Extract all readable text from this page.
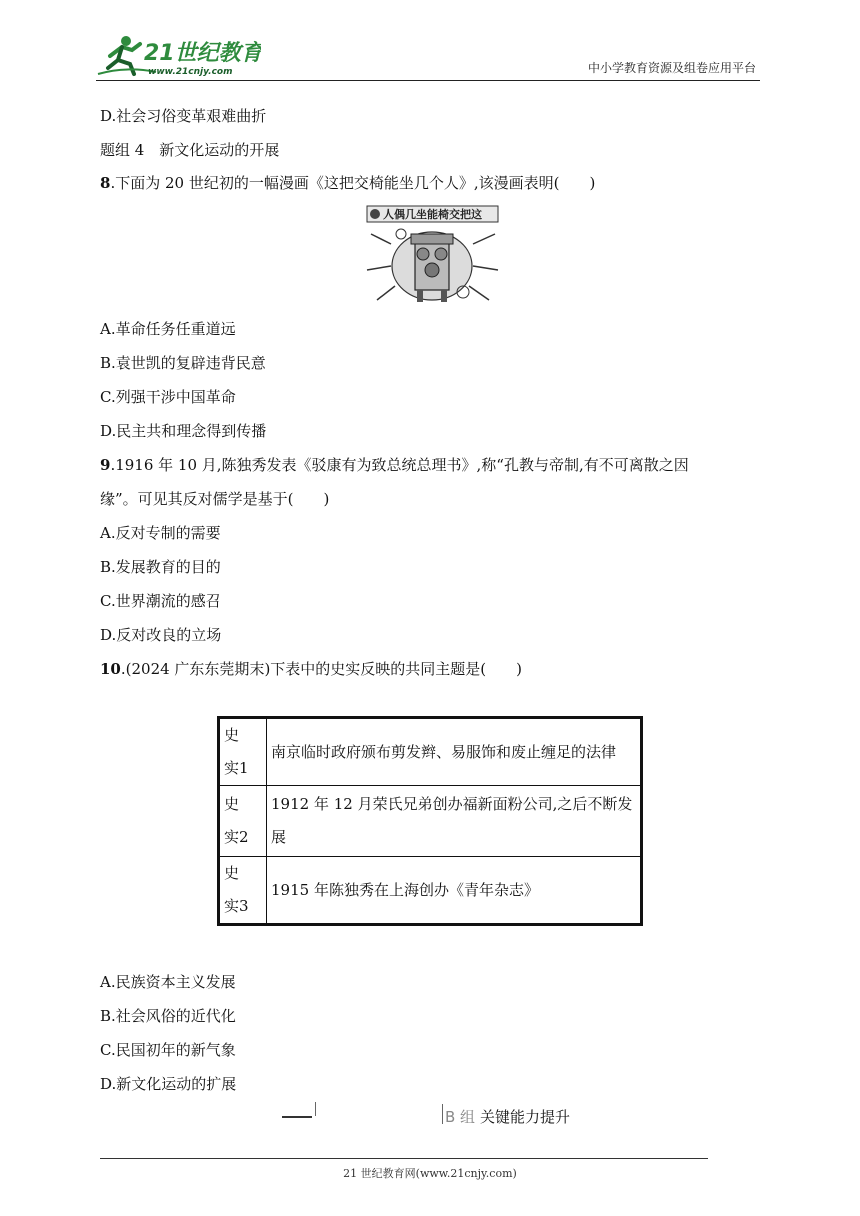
21世纪教育
www.21cnjy.com	中小学教育资源及组卷应用平台
D.社会习俗变革艰难曲折
题组 4　新文化运动的开展
8.下面为 20 世纪初的一幅漫画《这把交椅能坐几个人》,该漫画表明(　　)
人偶几坐能椅交把这
A.革命任务任重道远
B.袁世凯的复辟违背民意
C.列强干涉中国革命
D.民主共和理念得到传播
9.1916 年 10 月,陈独秀发表《驳康有为致总统总理书》,称“孔教与帝制,有不可离散之因
缘”。可见其反对儒学是基于(　　)
A.反对专制的需要
B.发展教育的目的
C.世界潮流的感召
D.反对改良的立场
10.(2024 广东东莞期末)下表中的史实反映的共同主题是(　　)
史　实1	南京临时政府颁布剪发辫、易服饰和废止缠足的法律
史　实2	1912 年 12 月荣氏兄弟创办福新面粉公司,之后不断发展
史　实3	1915 年陈独秀在上海创办《青年杂志》
A.民族资本主义发展
B.社会风俗的近代化
C.民国初年的新气象
D.新文化运动的扩展
B 组 关键能力提升
21 世纪教育网(www.21cnjy.com)
